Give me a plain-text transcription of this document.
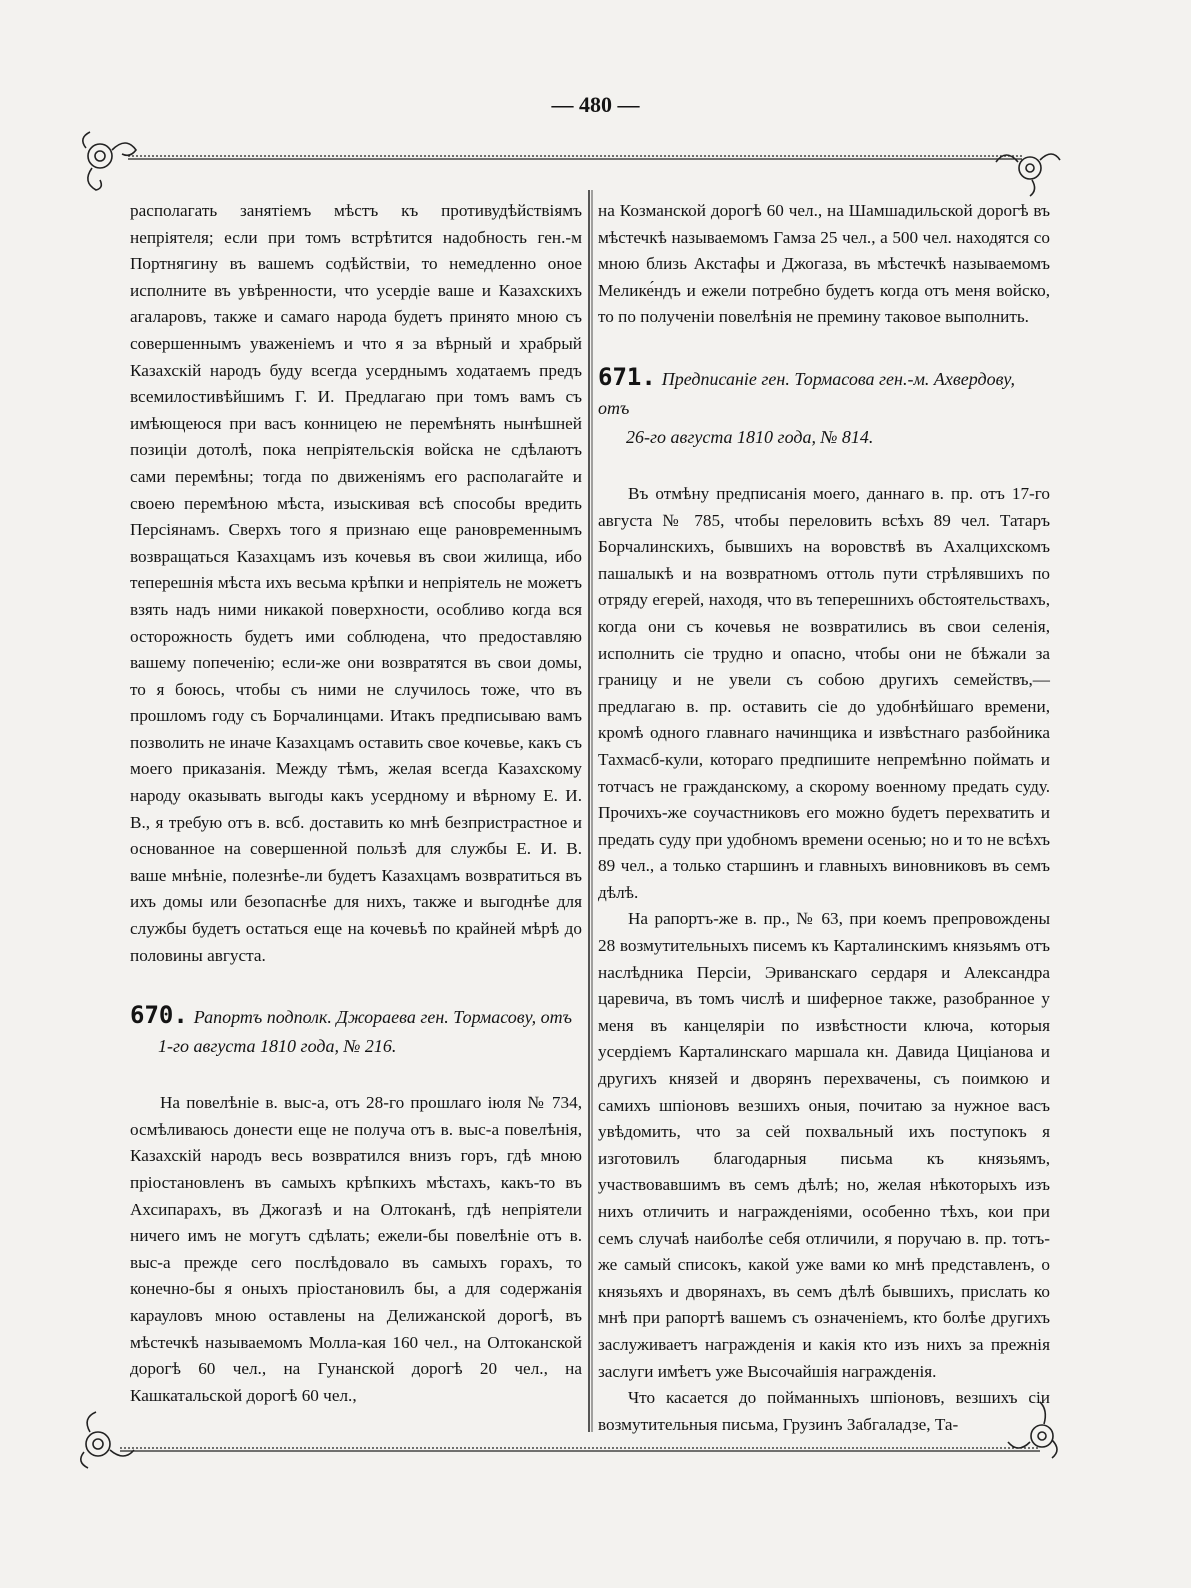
— 480 —

располагать занятіемъ мѣстъ къ противудѣйствіямъ непріятеля; если при томъ встрѣтится надобность ген.-м Портнягину въ вашемъ содѣйствіи, то немедленно оное исполните въ увѣренности, что усердіе ваше и Казахскихъ агаларовъ, также и самаго народа будетъ принято мною съ совершеннымъ уваженіемъ и что я за вѣрный и храбрый Казахскій народъ буду всегда усерднымъ ходатаемъ предъ всемилостивѣйшимъ Г. И. Предлагаю при томъ вамъ съ имѣющеюся при васъ конницею не перемѣнять нынѣшней позиціи дотолѣ, пока непріятельскія войска не сдѣлаютъ сами перемѣны; тогда по движеніямъ его располагайте и своею перемѣною мѣста, изыскивая всѣ способы вредить Персіянамъ. Сверхъ того я признаю еще рановременнымъ возвращаться Казахцамъ изъ кочевья въ свои жилища, ибо теперешнія мѣста ихъ весьма крѣпки и непріятель не можетъ взять надъ ними никакой поверхности, особливо когда вся осторожность будетъ ими соблюдена, что предоставляю вашему попеченію; если-же они возвратятся въ свои домы, то я боюсь, чтобы съ ними не случилось тоже, что въ прошломъ году съ Борчалинцами. Итакъ предписываю вамъ позволить не иначе Казахцамъ оставить свое кочевье, какъ съ моего приказанія. Между тѣмъ, желая всегда Казахскому народу оказывать выгоды какъ усердному и вѣрному Е. И. В., я требую отъ в. всб. доставить ко мнѣ безпристрастное и основанное на совершенной пользѣ для службы Е. И. В. ваше мнѣніе, полезнѣе-ли будетъ Казахцамъ возвратиться въ ихъ домы или безопаснѣе для нихъ, также и выгоднѣе для службы будетъ остаться еще на кочевьѣ по крайней мѣрѣ до половины августа.

670. Рапортъ подполк. Джораева ген. Тормасову, отъ
1-го августа 1810 года, № 216.

На повелѣніе в. выс-а, отъ 28-го прошлаго іюля № 734, осмѣливаюсь донести еще не получа отъ в. выс-а повелѣнія, Казахскій народъ весь возвратился внизъ горъ, гдѣ мною пріостановленъ въ самыхъ крѣпкихъ мѣстахъ, какъ-то въ Ахсипарахъ, въ Джогазѣ и на Олтоканѣ, гдѣ непріятели ничего имъ не могутъ сдѣлать; ежели-бы повелѣніе отъ в. выс-а прежде сего послѣдовало въ самыхъ горахъ, то конечно-бы я оныхъ пріостановилъ бы, а для содержанія карауловъ мною оставлены на Делижанской дорогѣ, въ мѣстечкѣ называемомъ Молла-кая 160 чел., на Олтоканской дорогѣ 60 чел., на Гунанской дорогѣ 20 чел., на Кашкатальской дорогѣ 60 чел.,

на Козманской дорогѣ 60 чел., на Шамшадильской дорогѣ въ мѣстечкѣ называемомъ Гамза 25 чел., а 500 чел. находятся со мною близь Акстафы и Джогаза, въ мѣстечкѣ называемомъ Мелике́ндъ и ежели потребно будетъ когда отъ меня войско, то по полученіи повелѣнія не премину таковое выполнить.

671. Предписаніе ген. Тормасова ген.-м. Ахвердову, отъ
26-го августа 1810 года, № 814.

Въ отмѣну предписанія моего, даннаго в. пр. отъ 17-го августа № 785, чтобы переловить всѣхъ 89 чел. Татаръ Борчалинскихъ, бывшихъ на воровствѣ въ Ахалцихскомъ пашалыкѣ и на возвратномъ оттоль пути стрѣлявшихъ по отряду егерей, находя, что въ теперешнихъ обстоятельствахъ, когда они съ кочевья не возвратились въ свои селенія, исполнить сіе трудно и опасно, чтобы они не бѣжали за границу и не увели съ собою другихъ семействъ,—предлагаю в. пр. оставить сіе до удобнѣйшаго времени, кромѣ одного главнаго начинщика и извѣстнаго разбойника Тахмасб-кули, котораго предпишите непремѣнно поймать и тотчасъ не гражданскому, а скорому военному предать суду. Прочихъ-же соучастниковъ его можно будетъ перехватить и предать суду при удобномъ времени осенью; но и то не всѣхъ 89 чел., а только старшинъ и главныхъ виновниковъ въ семъ дѣлѣ.

На рапортъ-же в. пр., № 63, при коемъ препровождены 28 возмутительныхъ писемъ къ Карталинскимъ князьямъ отъ наслѣдника Персіи, Эриванскаго сердаря и Александра царевича, въ томъ числѣ и шиферное также, разобранное у меня въ канцеляріи по извѣстности ключа, которыя усердіемъ Карталинскаго маршала кн. Давида Цицiанова и другихъ князей и дворянъ перехвачены, съ поимкою и самихъ шпіоновъ везшихъ оныя, почитаю за нужное васъ увѣдомить, что за сей похвальный ихъ поступокъ я изготовилъ благодарныя письма къ князьямъ, участвовавшимъ въ семъ дѣлѣ; но, желая нѣкоторыхъ изъ нихъ отличить и награжденіями, особенно тѣхъ, кои при семъ случаѣ наиболѣе себя отличили, я поручаю в. пр. тотъ-же самый списокъ, какой уже вами ко мнѣ представленъ, о князьяхъ и дворянахъ, въ семъ дѣлѣ бывшихъ, прислать ко мнѣ при рапортѣ вашемъ съ означеніемъ, кто болѣе другихъ заслуживаетъ награжденія и какія кто изъ нихъ за прежнія заслуги имѣетъ уже Высочайшія награжденія.

Что касается до пойманныхъ шпіоновъ, везшихъ сіи возмутительныя письма, Грузинъ Забгаладзе, Та-
